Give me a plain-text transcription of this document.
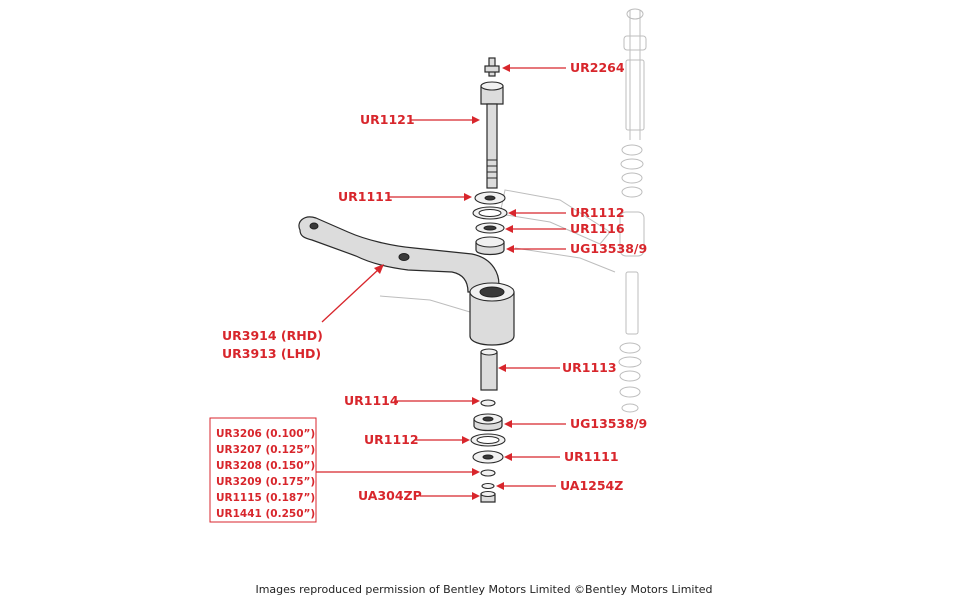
UR2264
UR1121
UR1111
UR1112
UR1116
UG13538/9
UR3914 (RHD)
UR3913 (LHD)
UR1113
UR1114
UG13538/9
UR1112
UR1111
UA1254Z
UA304ZP
UR3206 (0.100”)
UR3207 (0.125”)
UR3208 (0.150”)
UR3209 (0.175”)
UR1115 (0.187”)
UR1441 (0.250”)
Images reproduced permission of Bentley Motors Limited ©Bentley Motors Limited
